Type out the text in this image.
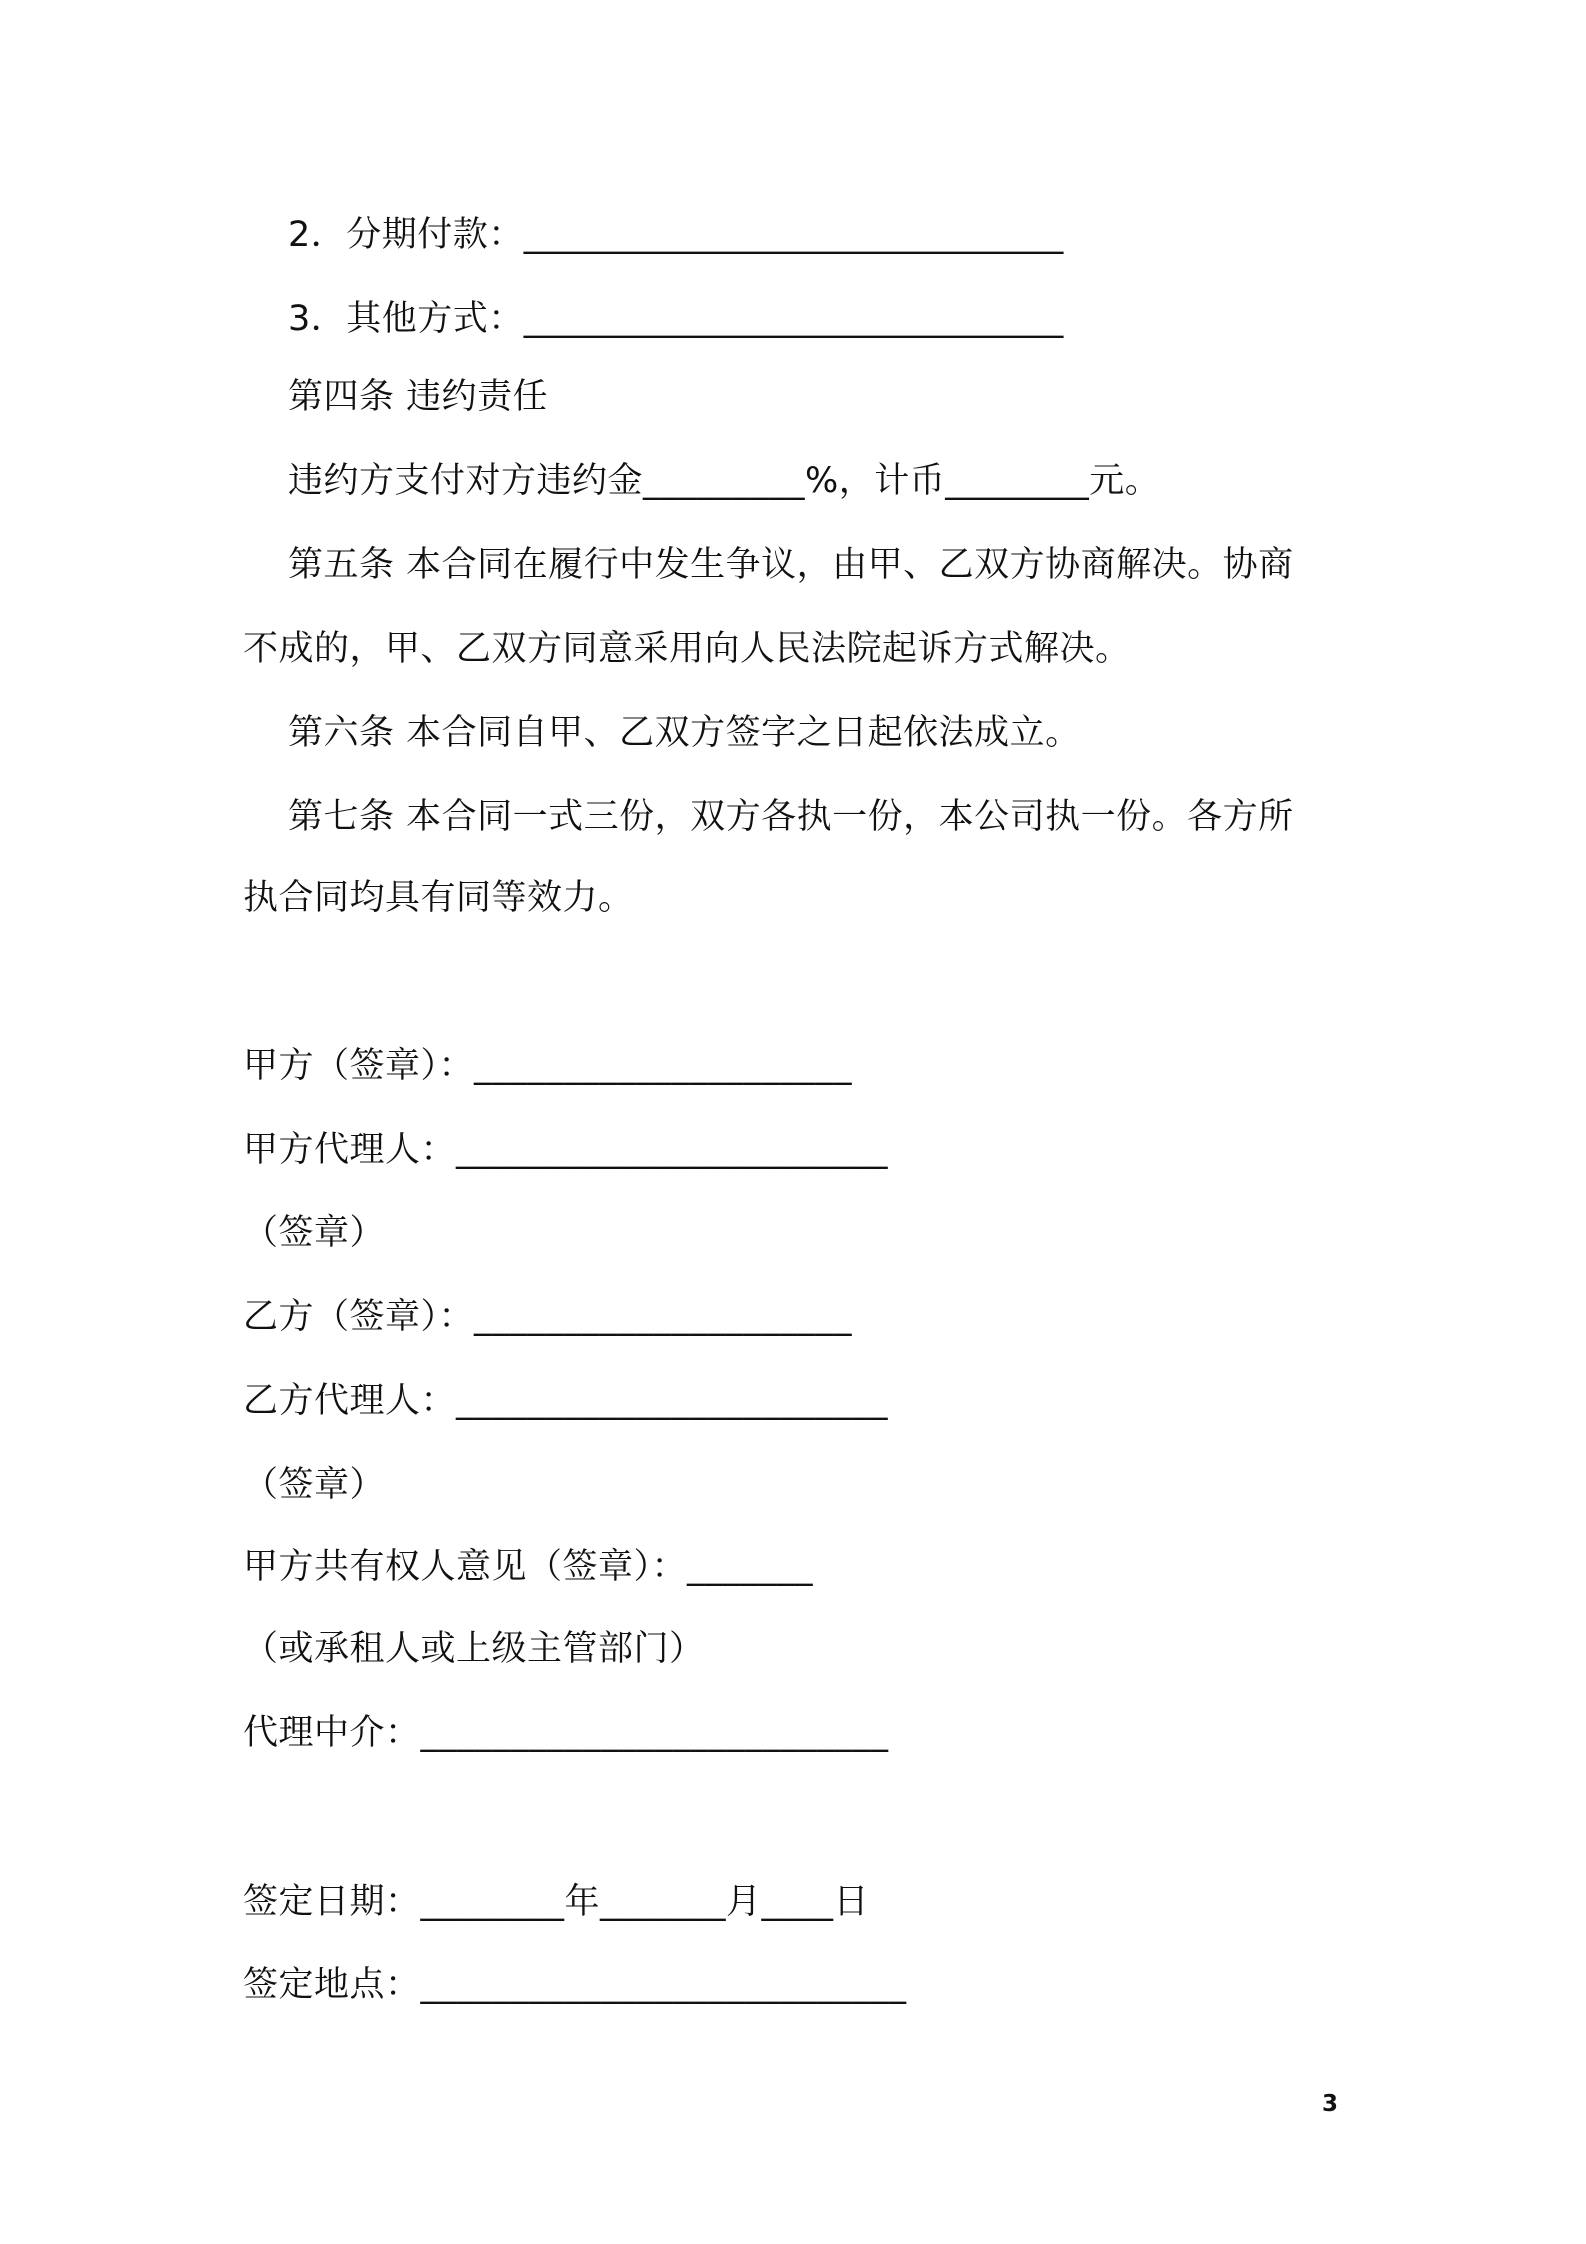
2．分期付款：______________________________

3．其他方式：______________________________

第四条 违约责任

违约方支付对方违约金_________%，计币________元。

第五条 本合同在履行中发生争议，由甲、乙双方协商解决。协商

不成的，甲、乙双方同意采用向人民法院起诉方式解决。

第六条 本合同自甲、乙双方签字之日起依法成立。

第七条 本合同一式三份，双方各执一份，本公司执一份。各方所

执合同均具有同等效力。

甲方（签章）：_____________________

甲方代理人：________________________

（签章）

乙方（签章）：_____________________

乙方代理人：________________________

（签章）

甲方共有权人意见（签章）：_______

（或承租人或上级主管部门）

代理中介：__________________________

签定日期：________年_______月____日

签定地点：___________________________

3
